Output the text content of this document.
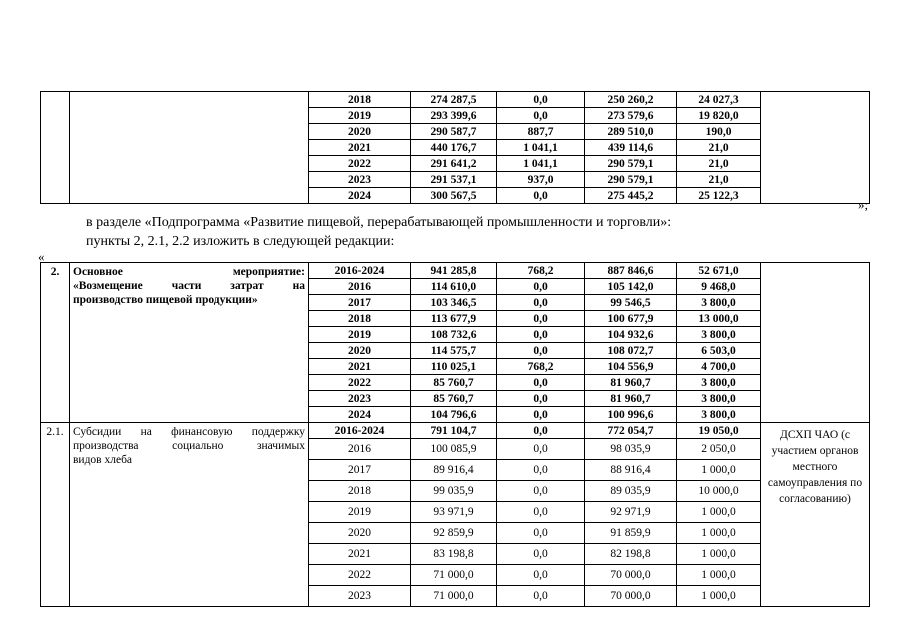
		2018	274 287,5	0,0	250 260,2	24 027,3	
		2019	293 399,6	0,0	273 579,6	19 820,0	
		2020	290 587,7	887,7	289 510,0	190,0	
		2021	440 176,7	1 041,1	439 114,6	21,0	
		2022	291 641,2	1 041,1	290 579,1	21,0	
		2023	291 537,1	937,0	290 579,1	21,0	
		2024	300 567,5	0,0	275 445,2	25 122,3	
»;
в разделе «Подпрограмма «Развитие пищевой, перерабатывающей промышленности и торговли»:
пункты 2, 2.1, 2.2 изложить в следующей редакции:
«
2.	Основное мероприятие:
«Возмещение части затрат на
производство пищевой продукции»	2016-2024	941 285,8	768,2	887 846,6	52 671,0	
		2016	114 610,0	0,0	105 142,0	9 468,0	
		2017	103 346,5	0,0	99 546,5	3 800,0	
		2018	113 677,9	0,0	100 677,9	13 000,0	
		2019	108 732,6	0,0	104 932,6	3 800,0	
		2020	114 575,7	0,0	108 072,7	6 503,0	
		2021	110 025,1	768,2	104 556,9	4 700,0	
		2022	85 760,7	0,0	81 960,7	3 800,0	
		2023	85 760,7	0,0	81 960,7	3 800,0	
		2024	104 796,6	0,0	100 996,6	3 800,0	
2.1.	Субсидии на финансовую поддержку
производства социально значимых
видов хлеба	2016-2024	791 104,7	0,0	772 054,7	19 050,0	ДСХП ЧАО (с участием органов местного самоуправления по согласованию)
		2016	100 085,9	0,0	98 035,9	2 050,0	
		2017	89 916,4	0,0	88 916,4	1 000,0	
		2018	99 035,9	0,0	89 035,9	10 000,0	
		2019	93 971,9	0,0	92 971,9	1 000,0	
		2020	92 859,9	0,0	91 859,9	1 000,0	
		2021	83 198,8	0,0	82 198,8	1 000,0	
		2022	71 000,0	0,0	70 000,0	1 000,0	
		2023	71 000,0	0,0	70 000,0	1 000,0	
